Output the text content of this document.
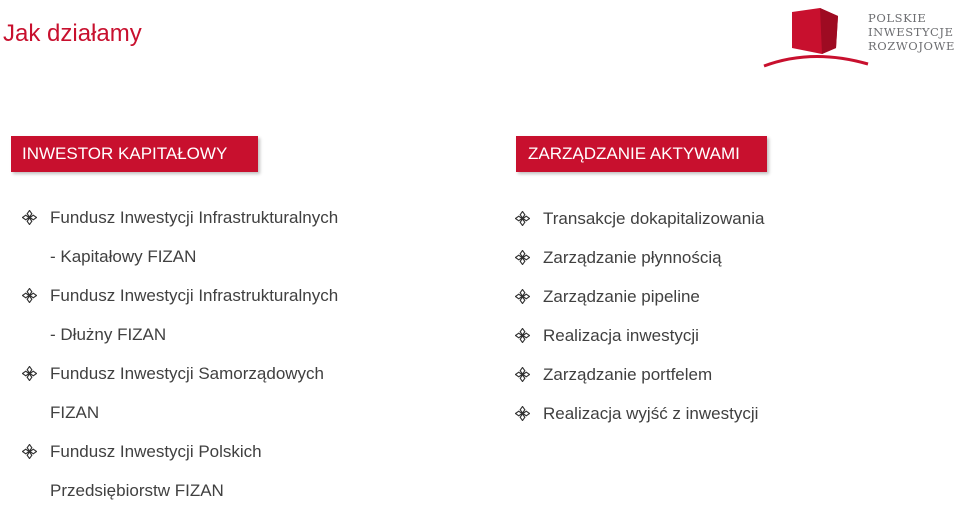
Jak działamy
POLSKIE
INWESTYCJE
ROZWOJOWE
INWESTOR KAPITAŁOWY	ZARZĄDZANIE AKTYWAMI
Fundusz Inwestycji Infrastrukturalnych
- Kapitałowy FIZAN
Fundusz Inwestycji Infrastrukturalnych
- Dłużny FIZAN
Fundusz Inwestycji Samorządowych
FIZAN
Fundusz Inwestycji Polskich
Przedsiębiorstw FIZAN
Transakcje dokapitalizowania
Zarządzanie płynnością
Zarządzanie pipeline
Realizacja inwestycji
Zarządzanie portfelem
Realizacja wyjść z inwestycji
